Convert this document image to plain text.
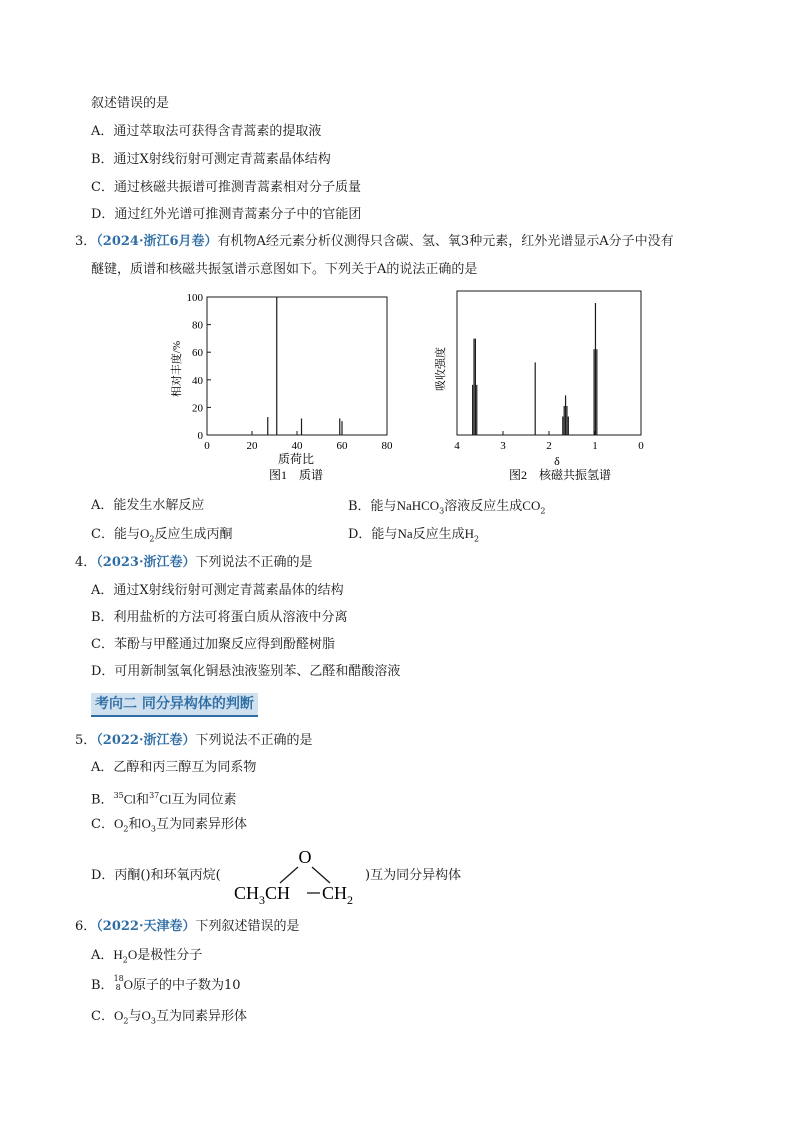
叙述错误的是
A．通过萃取法可获得含青蒿素的提取液
B．通过X射线衍射可测定青蒿素晶体结构
C．通过核磁共振谱可推测青蒿素相对分子质量
D．通过红外光谱可推测青蒿素分子中的官能团
3．（2024·浙江6月卷）有机物A经元素分析仪测得只含碳、氢、氧3种元素，红外光谱显示A分子中没有
醚键，质谱和核磁共振氢谱示意图如下。下列关于A的说法正确的是
0
20
40
60
80
100
0	20	40	60	80
质荷比
图1　质谱
相对丰度/%
4	3	2	1	0
δ
图2　核磁共振氢谱
吸收强度
A．能发生水解反应	B．能与NaHCO$_3$溶液反应生成$CO_2$
C．能与$O_2$反应生成丙酮	D．能与Na反应生成$H_2$
4．（2023·浙江卷）下列说法不正确的是
A．通过X射线衍射可测定青蒿素晶体的结构
B．利用盐析的方法可将蛋白质从溶液中分离
C．苯酚与甲醛通过加聚反应得到酚醛树脂
D．可用新制氢氧化铜悬浊液鉴别苯、乙醛和醋酸溶液
考向二 同分异构体的判断
5．（2022·浙江卷）下列说法不正确的是
A．乙醇和丙三醇互为同系物
B．$^{35}$Cl和$^{37}$Cl互为同位素
C．$O_2$和$O_3$互为同素异形体
D．丙酮()和环氧丙烷(
O
$CH_3CH$ $CH_2$
)互为同分异构体
6．（2022·天津卷）下列叙述错误的是
A．$H_2O$是极性分子
B． 18
8 O原子的中子数为10
C．$O_2$与$O_3$互为同素异形体
